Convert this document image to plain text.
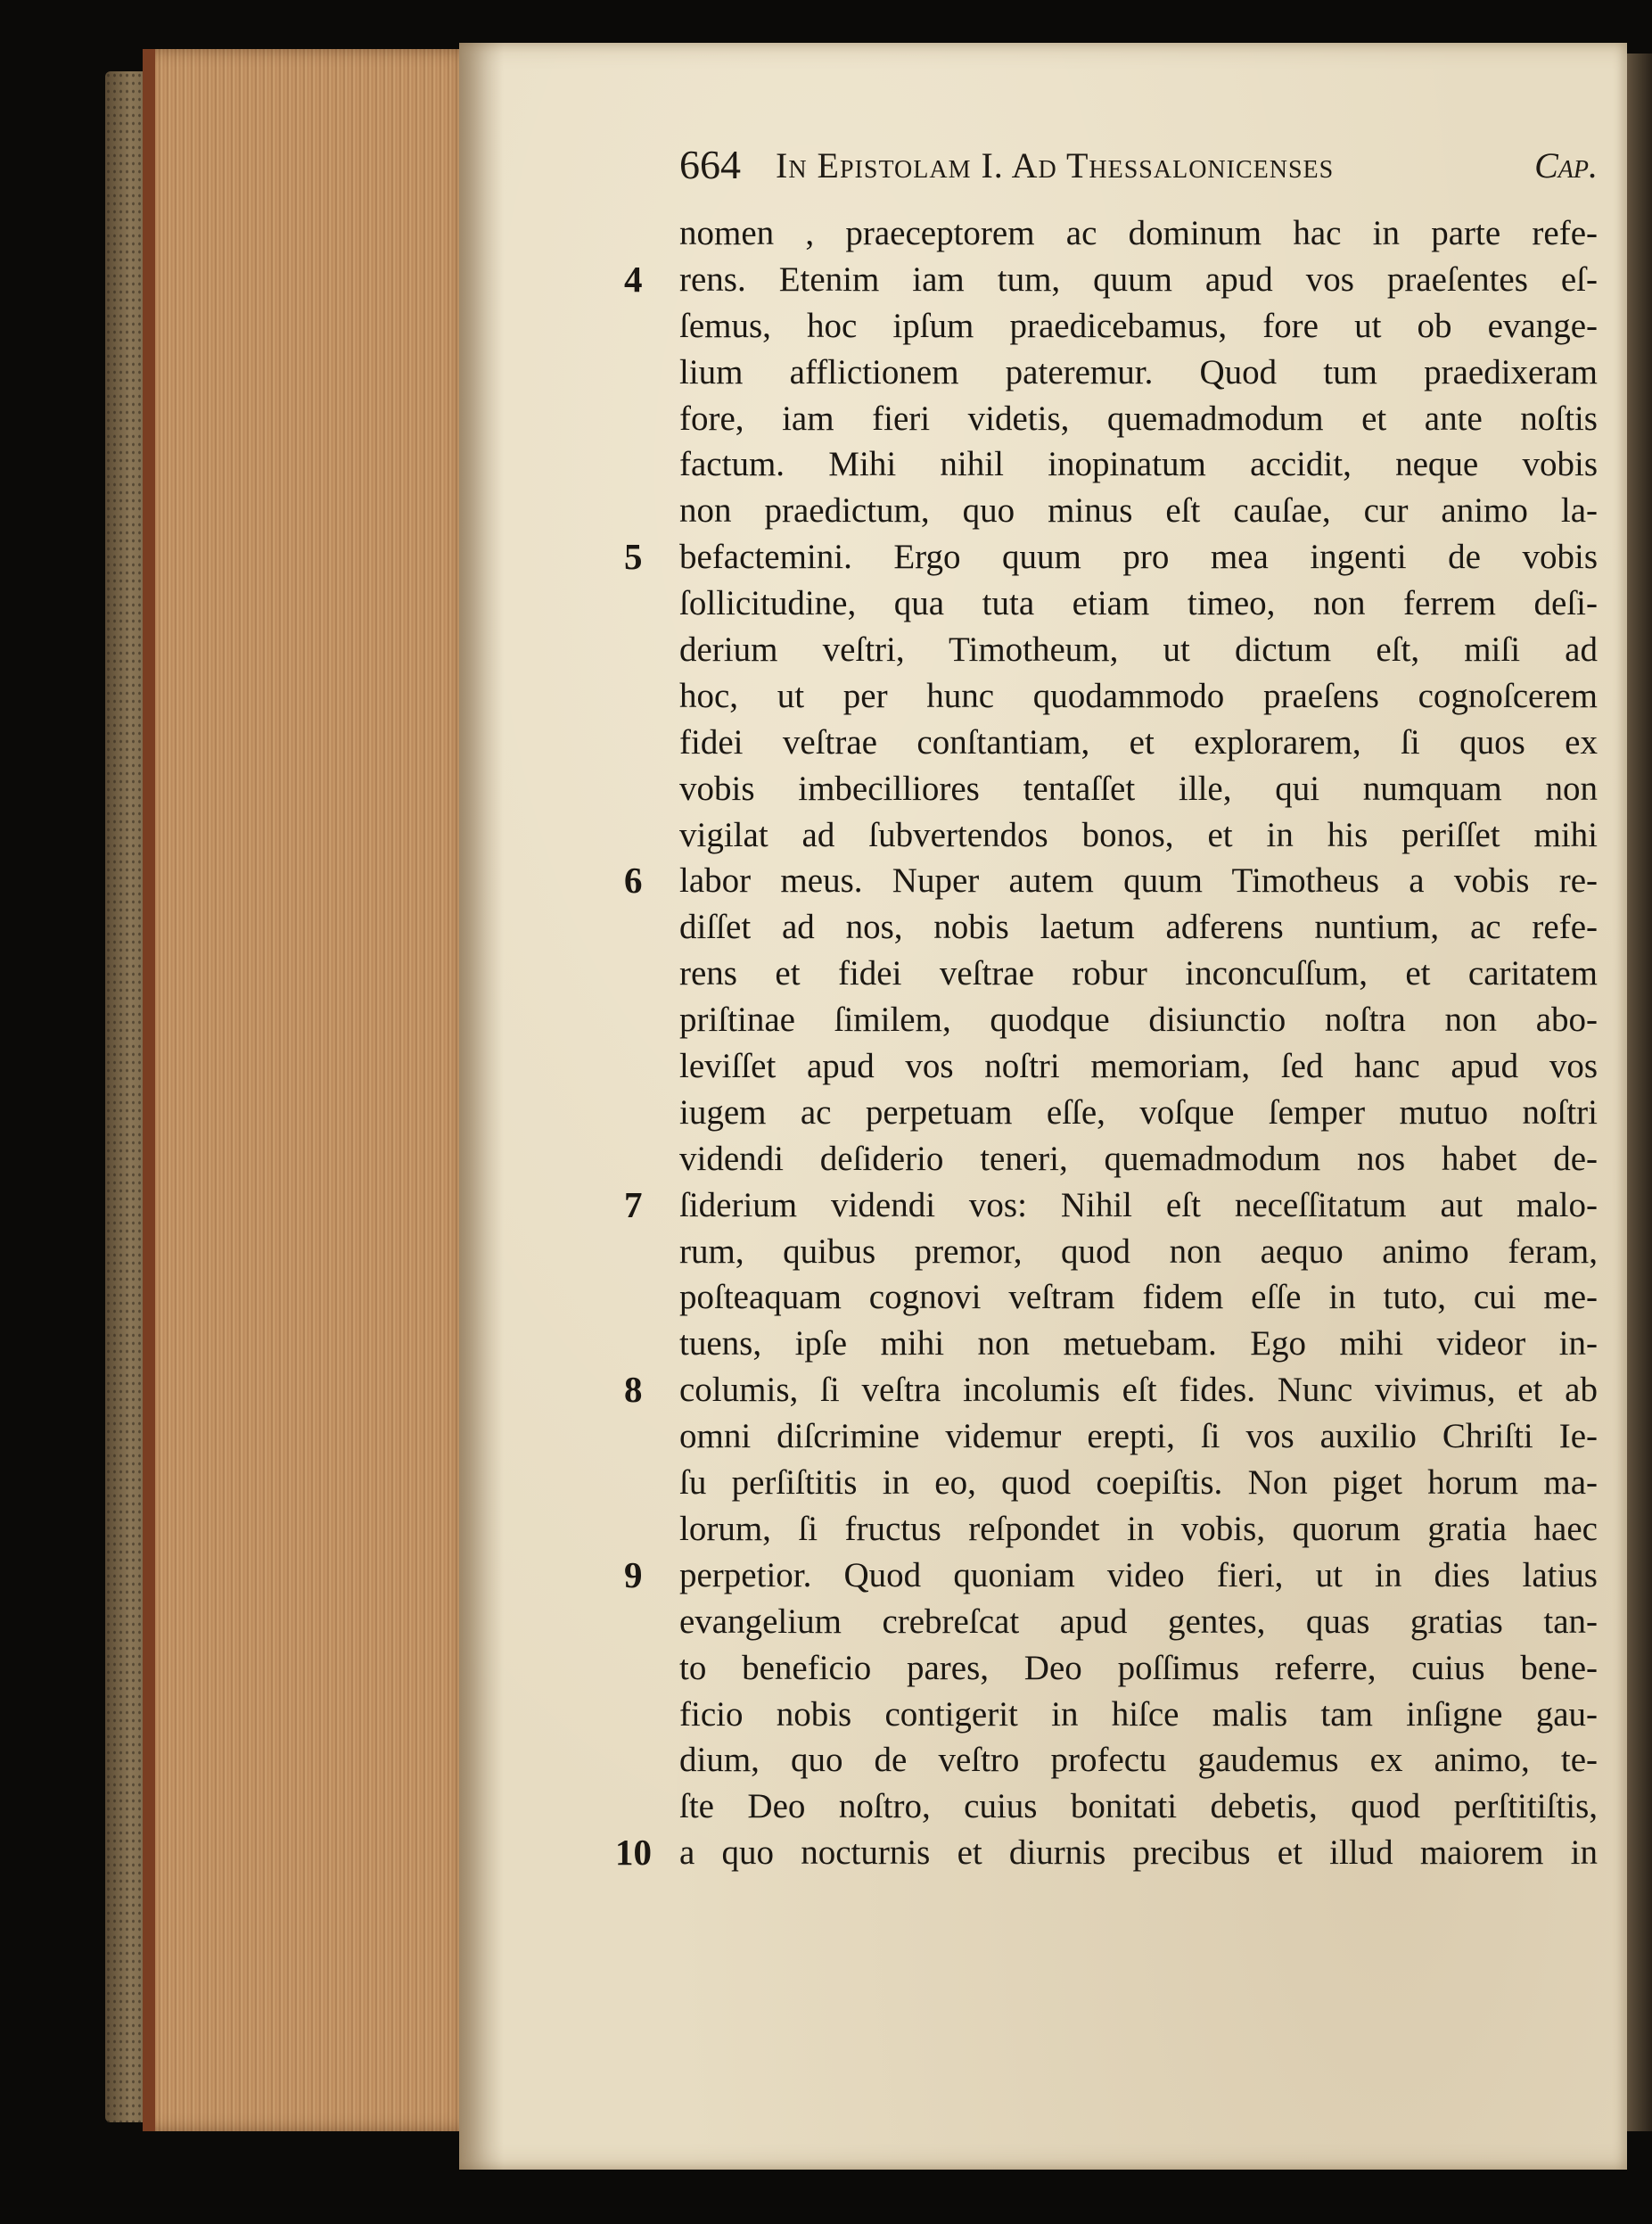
664 In Epistolam I. Ad Thessalonicenses	Cap.
nomen , praeceptorem ac dominum hac in parte refe-
4	rens. Etenim iam tum, quum apud vos praeſentes eſ-
ſemus, hoc ipſum praedicebamus, fore ut ob evange-
lium afflictionem pateremur. Quod tum praedixeram
fore, iam fieri videtis, quemadmodum et ante noſtis
factum. Mihi nihil inopinatum accidit, neque vobis
non praedictum, quo minus eſt cauſae, cur animo la-
5	befactemini. Ergo quum pro mea ingenti de vobis
ſollicitudine, qua tuta etiam timeo, non ferrem deſi-
derium veſtri, Timotheum, ut dictum eſt, miſi ad
hoc, ut per hunc quodammodo praeſens cognoſcerem
fidei veſtrae conſtantiam, et explorarem, ſi quos ex
vobis imbecilliores tentaſſet ille, qui numquam non
vigilat ad ſubvertendos bonos, et in his periſſet mihi
6	labor meus. Nuper autem quum Timotheus a vobis re-
diſſet ad nos, nobis laetum adferens nuntium, ac refe-
rens et fidei veſtrae robur inconcuſſum, et caritatem
priſtinae ſimilem, quodque disiunctio noſtra non abo-
leviſſet apud vos noſtri memoriam, ſed hanc apud vos
iugem ac perpetuam eſſe, voſque ſemper mutuo noſtri
videndi deſiderio teneri, quemadmodum nos habet de-
7	ſiderium videndi vos: Nihil eſt neceſſitatum aut malo-
rum, quibus premor, quod non aequo animo feram,
poſteaquam cognovi veſtram fidem eſſe in tuto, cui me-
tuens, ipſe mihi non metuebam. Ego mihi videor in-
8	columis, ſi veſtra incolumis eſt fides. Nunc vivimus, et ab
omni diſcrimine videmur erepti, ſi vos auxilio Chriſti Ie-
ſu perſiſtitis in eo, quod coepiſtis. Non piget horum ma-
lorum, ſi fructus reſpondet in vobis, quorum gratia haec
9	perpetior. Quod quoniam video fieri, ut in dies latius
evangelium crebreſcat apud gentes, quas gratias tan-
to beneficio pares, Deo poſſimus referre, cuius bene-
ficio nobis contigerit in hiſce malis tam inſigne gau-
dium, quo de veſtro profectu gaudemus ex animo, te-
ſte Deo noſtro, cuius bonitati debetis, quod perſtitiſtis,
10 a quo nocturnis et diurnis precibus et illud maiorem in
